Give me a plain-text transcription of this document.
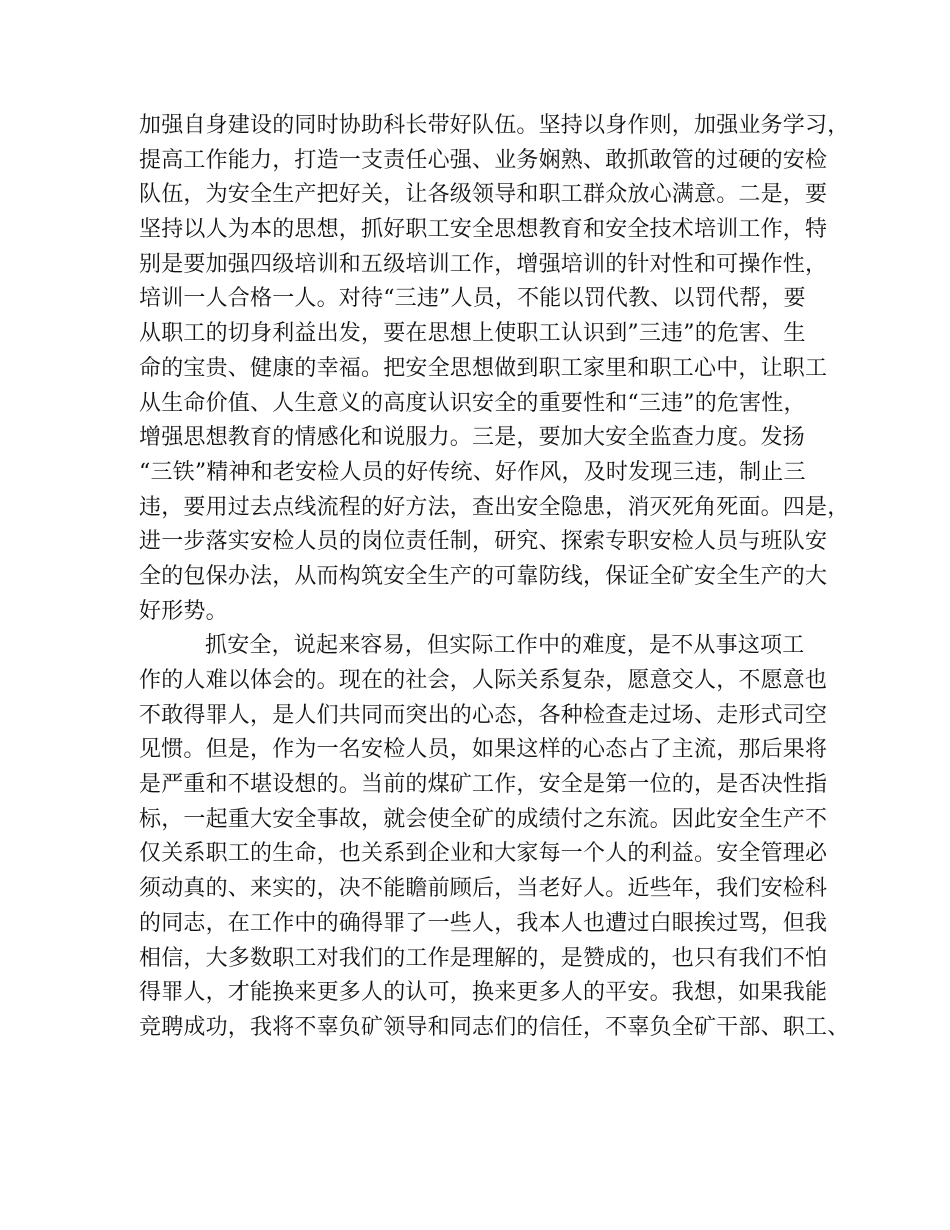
加强自身建设的同时协助科长带好队伍。坚持以身作则，加强业务学习，
提高工作能力，打造一支责任心强、业务娴熟、敢抓敢管的过硬的安检
队伍，为安全生产把好关，让各级领导和职工群众放心满意。二是，要
坚持以人为本的思想，抓好职工安全思想教育和安全技术培训工作，特
别是要加强四级培训和五级培训工作，增强培训的针对性和可操作性，
培训一人合格一人。对待“三违”人员，不能以罚代教、以罚代帮，要
从职工的切身利益出发，要在思想上使职工认识到”三违”的危害、生
命的宝贵、健康的幸福。把安全思想做到职工家里和职工心中，让职工
从生命价值、人生意义的高度认识安全的重要性和“三违”的危害性，
增强思想教育的情感化和说服力。三是，要加大安全监查力度。发扬
“三铁”精神和老安检人员的好传统、好作风，及时发现三违，制止三
违，要用过去点线流程的好方法，查出安全隐患，消灭死角死面。四是，
进一步落实安检人员的岗位责任制，研究、探索专职安检人员与班队安
全的包保办法，从而构筑安全生产的可靠防线，保证全矿安全生产的大
好形势。
抓安全，说起来容易，但实际工作中的难度，是不从事这项工
作的人难以体会的。现在的社会，人际关系复杂，愿意交人，不愿意也
不敢得罪人，是人们共同而突出的心态，各种检查走过场、走形式司空
见惯。但是，作为一名安检人员，如果这样的心态占了主流，那后果将
是严重和不堪设想的。当前的煤矿工作，安全是第一位的，是否决性指
标，一起重大安全事故，就会使全矿的成绩付之东流。因此安全生产不
仅关系职工的生命，也关系到企业和大家每一个人的利益。安全管理必
须动真的、来实的，决不能瞻前顾后，当老好人。近些年，我们安检科
的同志，在工作中的确得罪了一些人，我本人也遭过白眼挨过骂，但我
相信，大多数职工对我们的工作是理解的，是赞成的，也只有我们不怕
得罪人，才能换来更多人的认可，换来更多人的平安。我想，如果我能
竞聘成功，我将不辜负矿领导和同志们的信任，不辜负全矿干部、职工、
